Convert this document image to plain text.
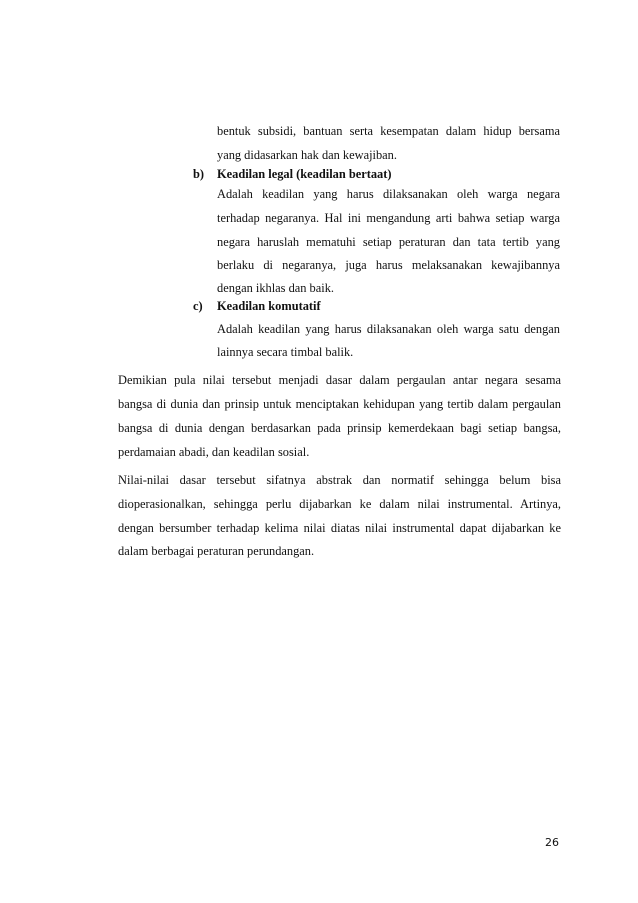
bentuk subsidi, bantuan serta kesempatan dalam hidup bersama
yang didasarkan hak dan kewajiban.
b) Keadilan legal (keadilan bertaat)
Adalah keadilan yang harus dilaksanakan oleh warga negara
terhadap negaranya. Hal ini mengandung arti bahwa setiap warga
negara haruslah mematuhi setiap peraturan dan tata tertib yang
berlaku di negaranya, juga harus melaksanakan kewajibannya
dengan ikhlas dan baik.
c) Keadilan komutatif
Adalah keadilan yang harus dilaksanakan oleh warga satu dengan
lainnya secara timbal balik.
Demikian pula nilai tersebut menjadi dasar dalam pergaulan antar negara sesama
bangsa di dunia dan prinsip untuk menciptakan kehidupan yang tertib dalam pergaulan
bangsa di dunia dengan berdasarkan pada prinsip kemerdekaan bagi setiap bangsa,
perdamaian abadi, dan keadilan sosial.
Nilai-nilai dasar tersebut sifatnya abstrak dan normatif sehingga belum bisa
dioperasionalkan, sehingga perlu dijabarkan ke dalam nilai instrumental. Artinya,
dengan bersumber terhadap kelima nilai diatas nilai instrumental dapat dijabarkan ke
dalam berbagai peraturan perundangan.
26
